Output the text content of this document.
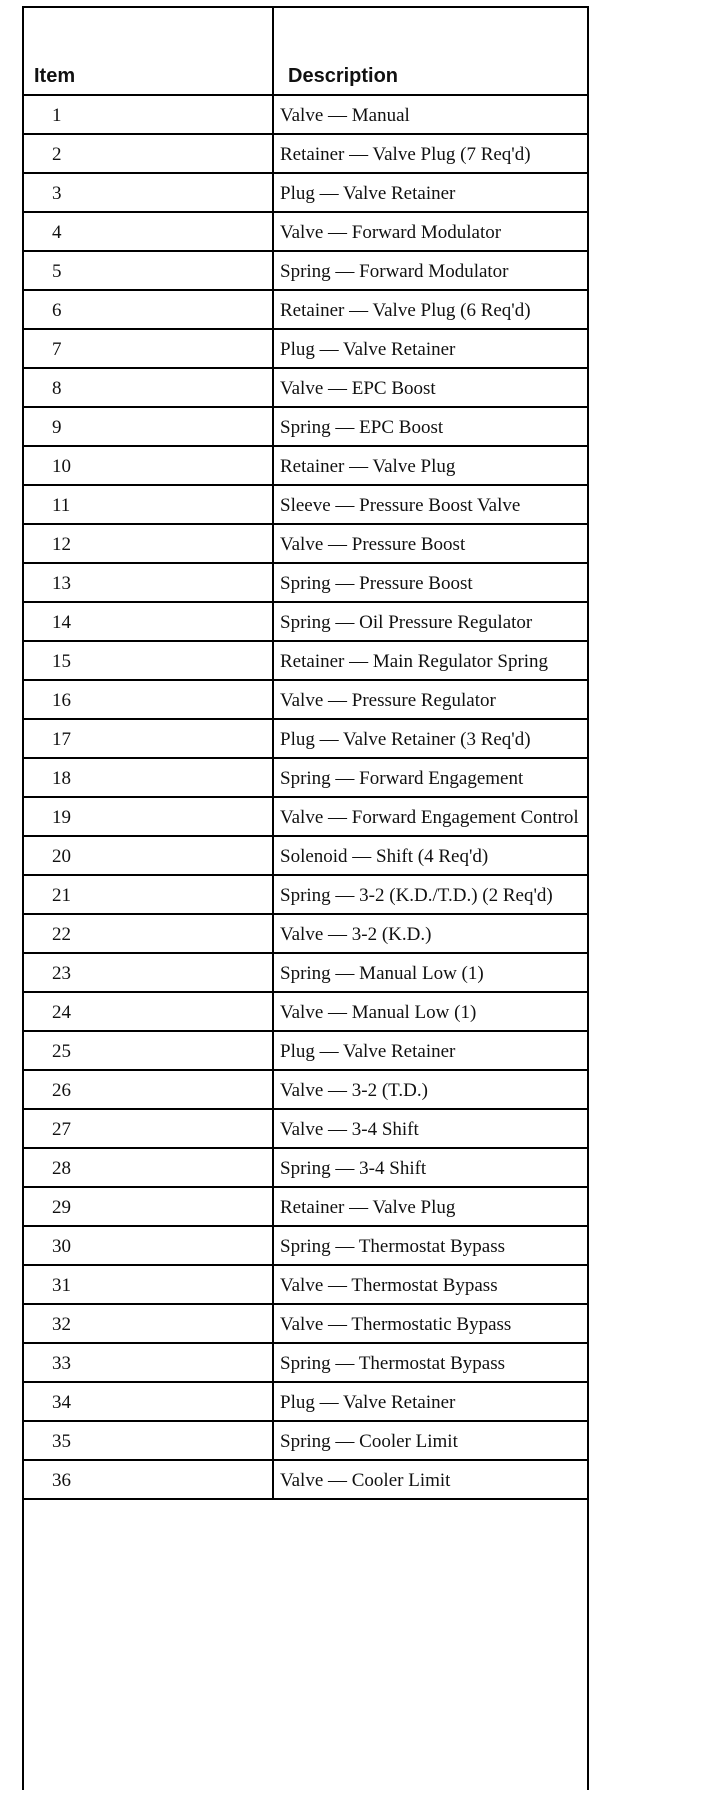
Item	Description
1	Valve — Manual
2	Retainer — Valve Plug (7 Req'd)
3	Plug — Valve Retainer
4	Valve — Forward Modulator
5	Spring — Forward Modulator
6	Retainer — Valve Plug (6 Req'd)
7	Plug — Valve Retainer
8	Valve — EPC Boost
9	Spring — EPC Boost
10	Retainer — Valve Plug
11	Sleeve — Pressure Boost Valve
12	Valve — Pressure Boost
13	Spring — Pressure Boost
14	Spring — Oil Pressure Regulator
15	Retainer — Main Regulator Spring
16	Valve — Pressure Regulator
17	Plug — Valve Retainer (3 Req'd)
18	Spring — Forward Engagement
19	Valve — Forward Engagement Control
20	Solenoid — Shift (4 Req'd)
21	Spring — 3-2 (K.D./T.D.) (2 Req'd)
22	Valve — 3-2 (K.D.)
23	Spring — Manual Low (1)
24	Valve — Manual Low (1)
25	Plug — Valve Retainer
26	Valve — 3-2 (T.D.)
27	Valve — 3-4 Shift
28	Spring — 3-4 Shift
29	Retainer — Valve Plug
30	Spring — Thermostat Bypass
31	Valve — Thermostat Bypass
32	Valve — Thermostatic Bypass
33	Spring — Thermostat Bypass
34	Plug — Valve Retainer
35	Spring — Cooler Limit
36	Valve — Cooler Limit
